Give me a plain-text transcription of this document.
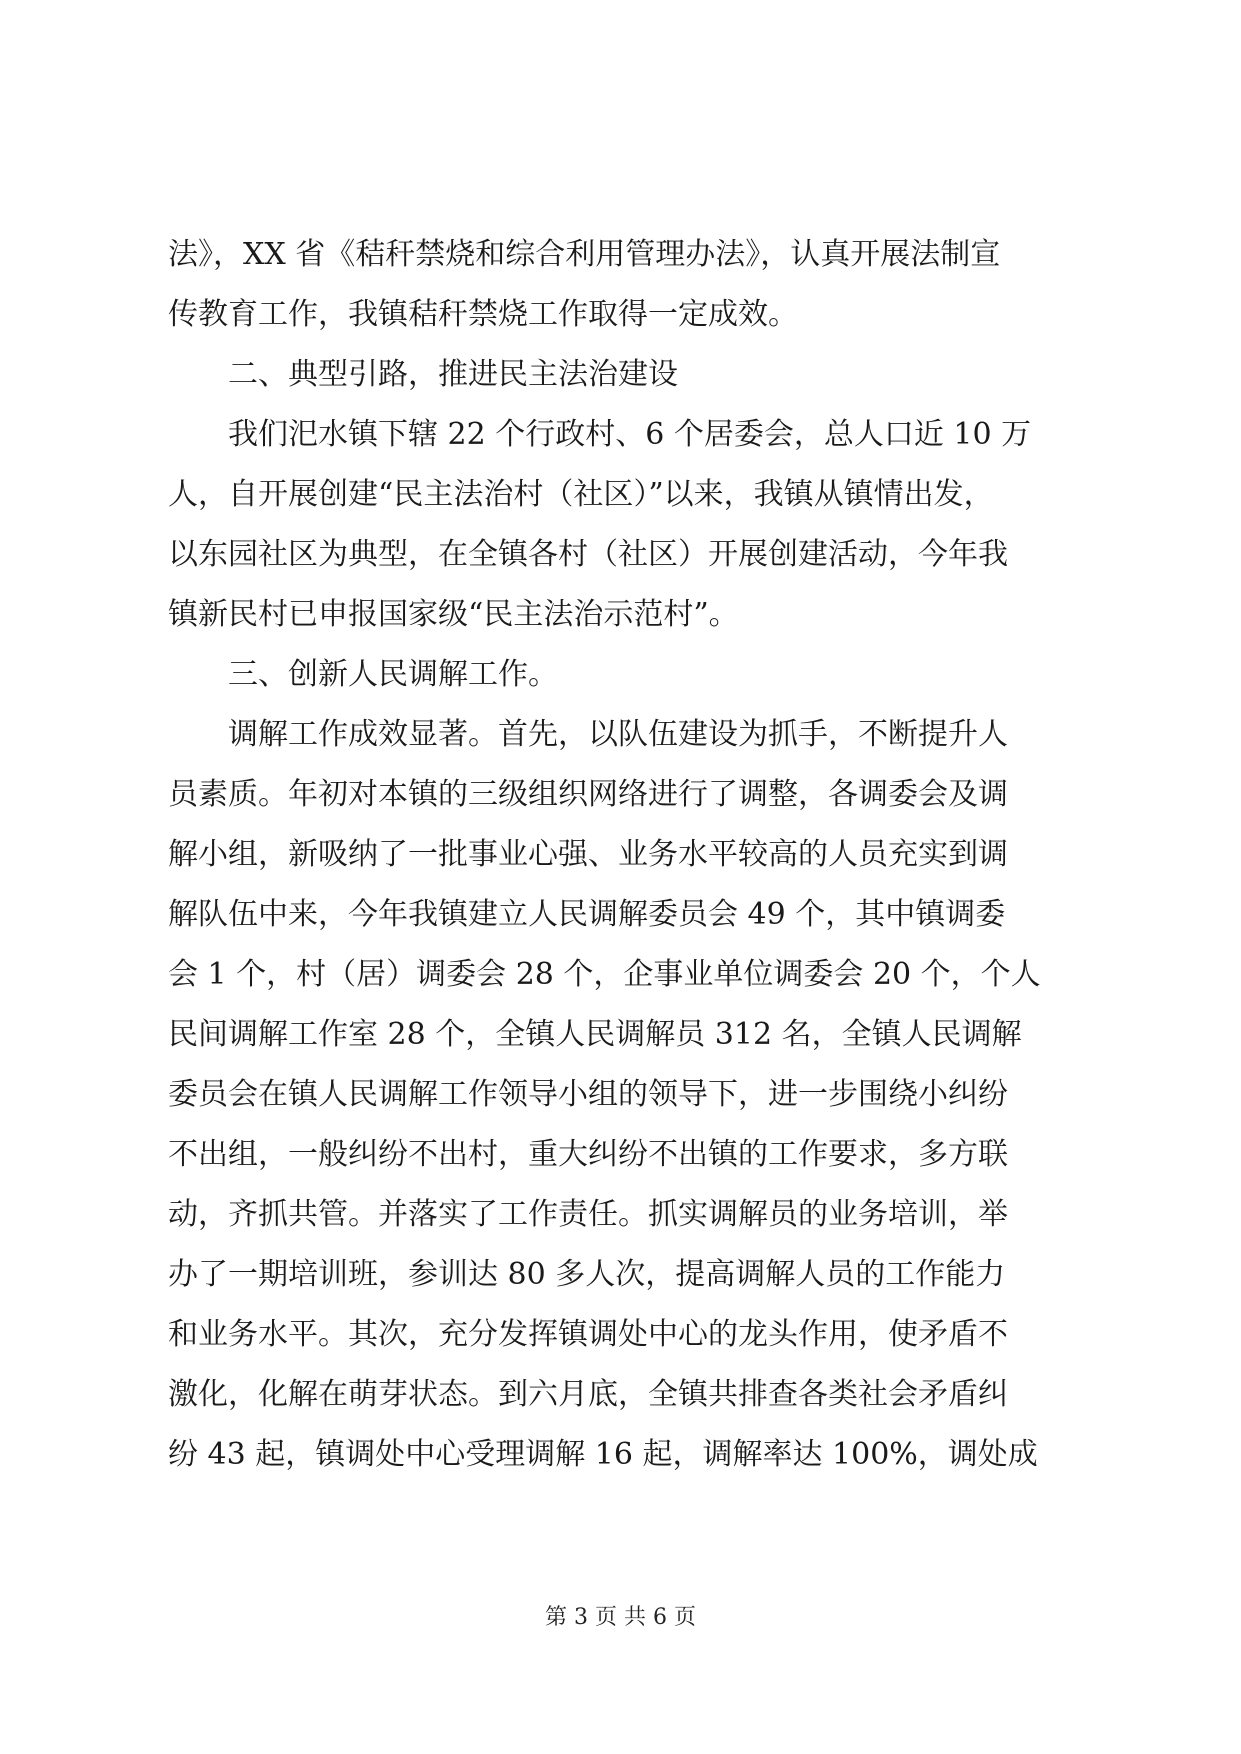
法》，XX 省《秸秆禁烧和综合利用管理办法》，认真开展法制宣
传教育工作，我镇秸秆禁烧工作取得一定成效。
二、典型引路，推进民主法治建设
我们汜水镇下辖 22 个行政村、6 个居委会，总人口近 10 万
人，自开展创建“民主法治村（社区）”以来，我镇从镇情出发，
以东园社区为典型，在全镇各村（社区）开展创建活动，今年我
镇新民村已申报国家级“民主法治示范村”。
三、创新人民调解工作。
调解工作成效显著。首先，以队伍建设为抓手，不断提升人
员素质。年初对本镇的三级组织网络进行了调整，各调委会及调
解小组，新吸纳了一批事业心强、业务水平较高的人员充实到调
解队伍中来，今年我镇建立人民调解委员会 49 个，其中镇调委
会 1 个，村（居）调委会 28 个，企事业单位调委会 20 个，个人
民间调解工作室 28 个，全镇人民调解员 312 名，全镇人民调解
委员会在镇人民调解工作领导小组的领导下，进一步围绕小纠纷
不出组，一般纠纷不出村，重大纠纷不出镇的工作要求，多方联
动，齐抓共管。并落实了工作责任。抓实调解员的业务培训，举
办了一期培训班，参训达 80 多人次，提高调解人员的工作能力
和业务水平。其次，充分发挥镇调处中心的龙头作用，使矛盾不
激化，化解在萌芽状态。到六月底，全镇共排查各类社会矛盾纠
纷 43 起，镇调处中心受理调解 16 起，调解率达 100%，调处成
第 3 页 共 6 页
